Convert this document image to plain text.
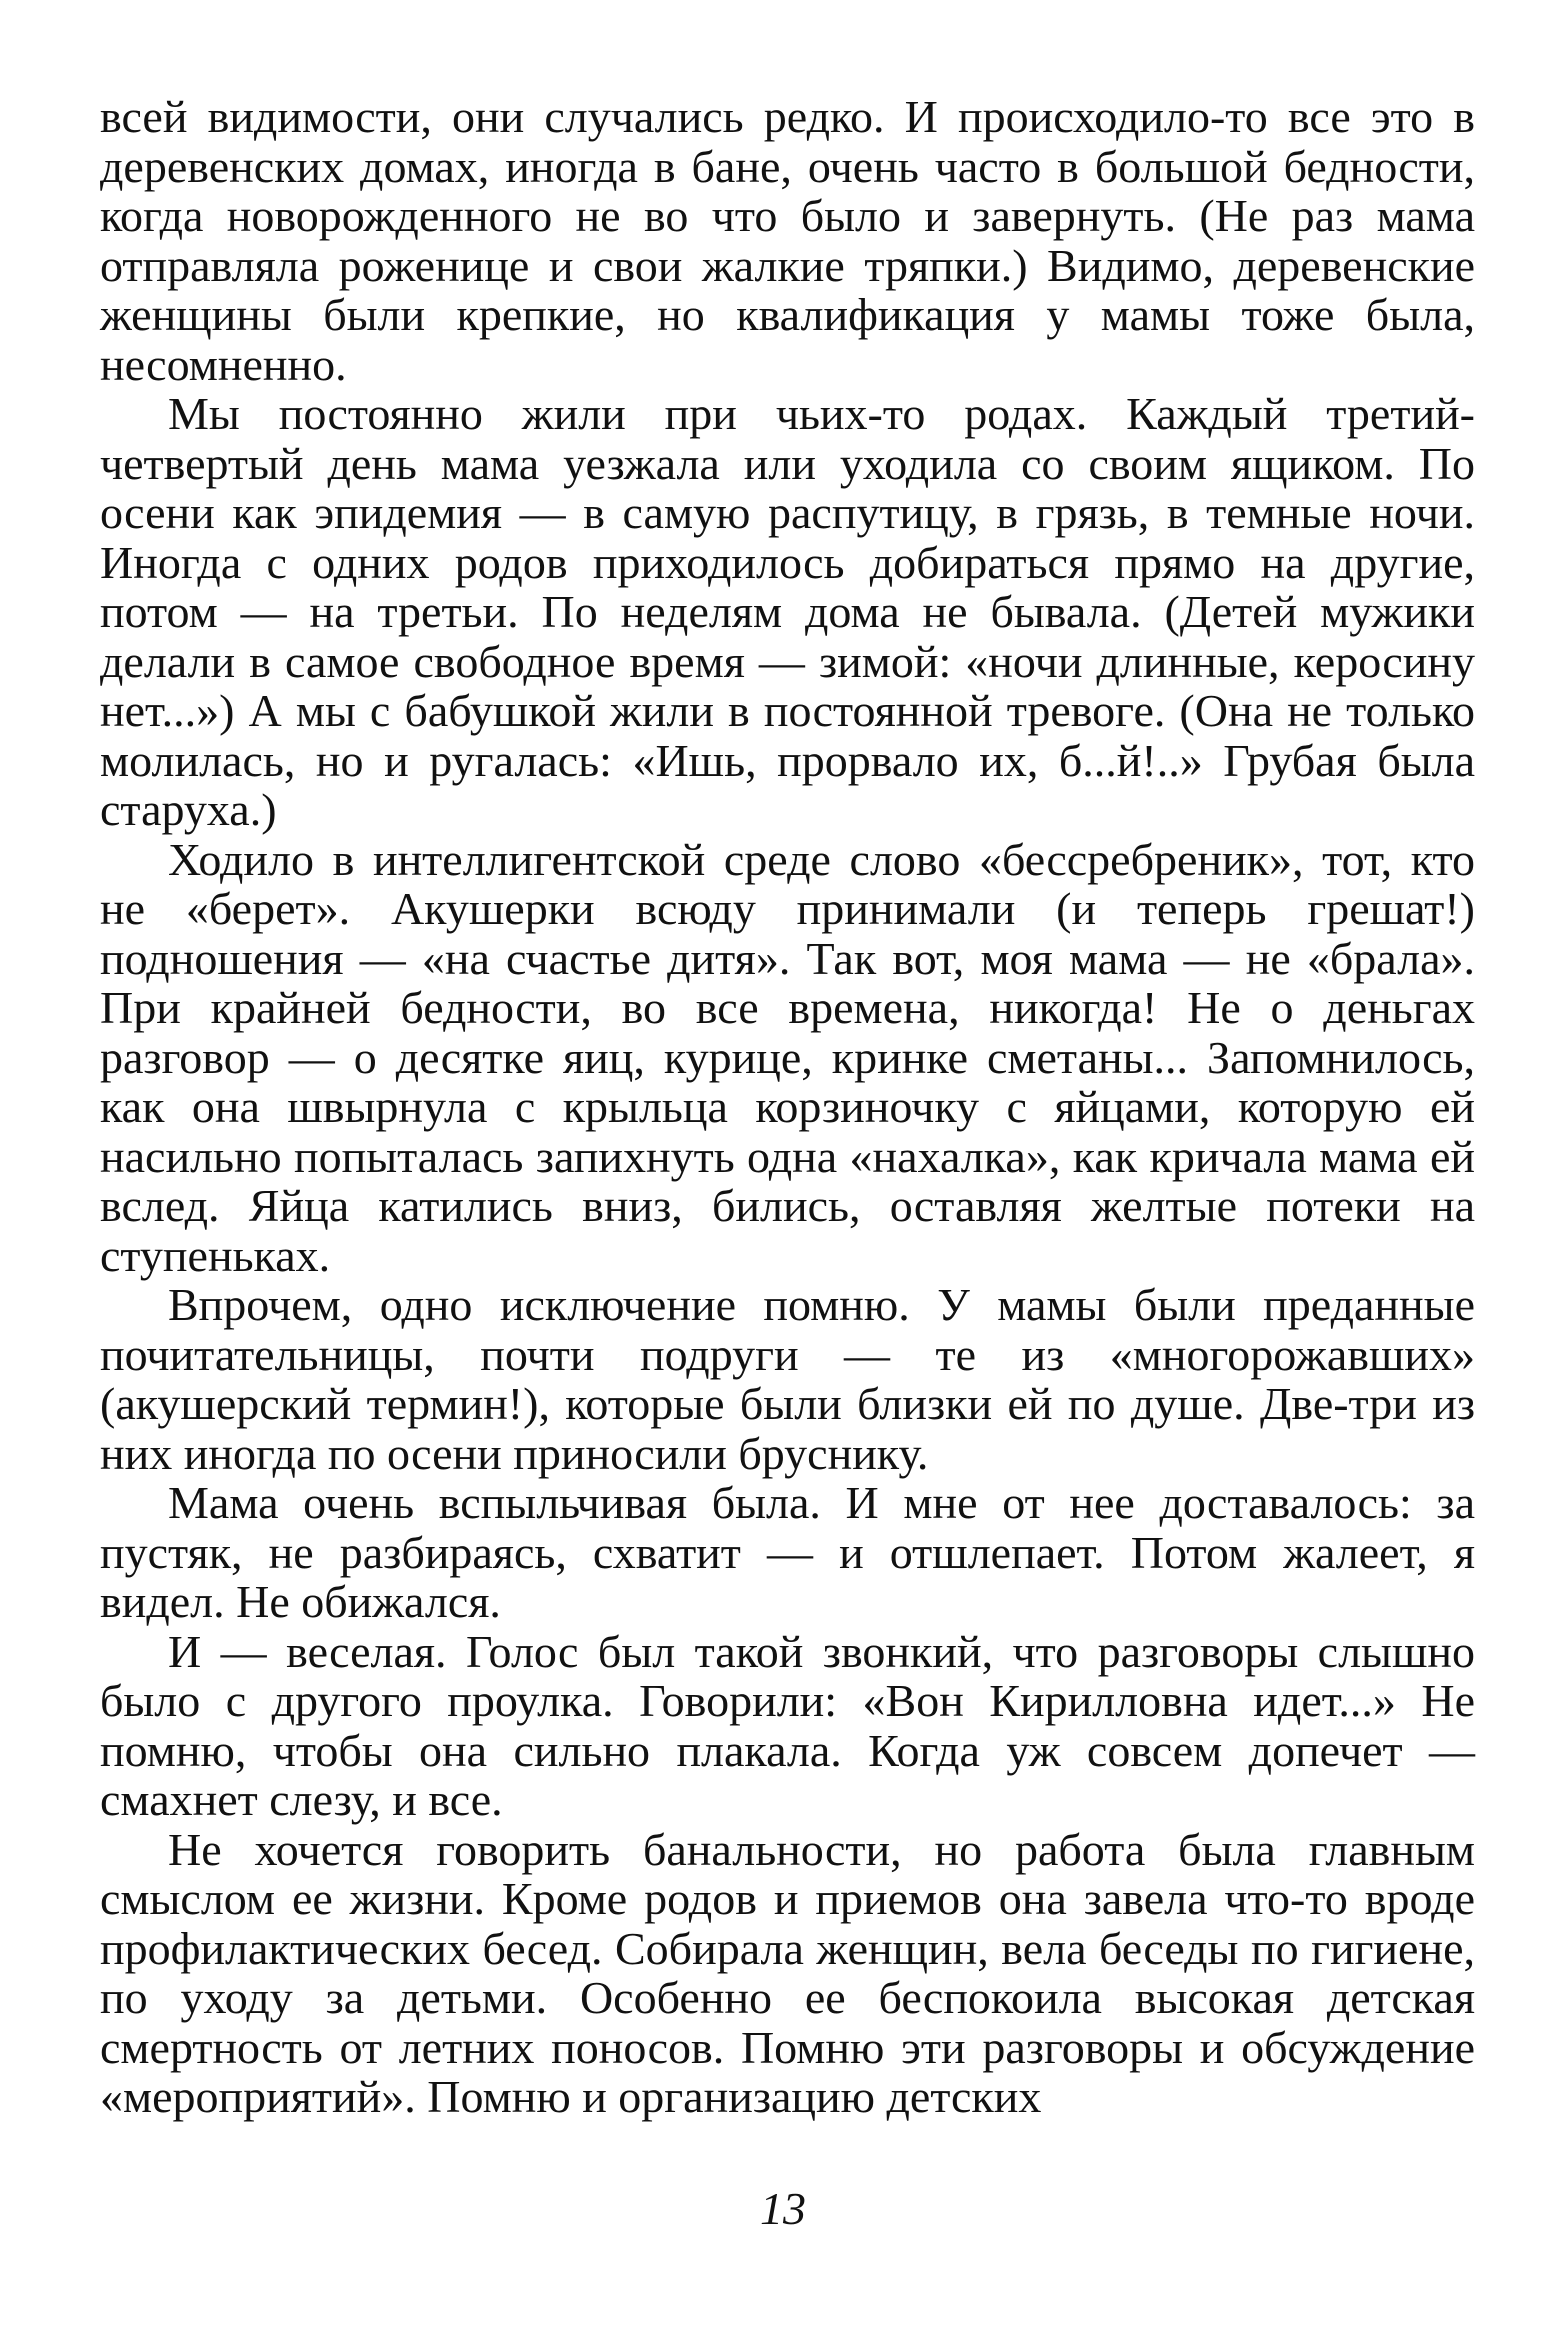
всей видимости, они случались редко. И происходило-то все это в деревенских домах, иногда в бане, очень часто в большой бедности, когда новорожденного не во что было и завернуть. (Не раз мама отправляла роженице и свои жалкие тряпки.) Видимо, деревенские женщины были крепкие, но квалификация у мамы тоже была, несомненно.

Мы постоянно жили при чьих-то родах. Каждый третий-четвертый день мама уезжала или уходила со своим ящиком. По осени как эпидемия — в самую распутицу, в грязь, в темные ночи. Иногда с одних родов приходилось добираться прямо на другие, потом — на третьи. По неделям дома не бывала. (Детей мужики делали в самое свободное время — зимой: «ночи длинные, керосину нет...») А мы с бабушкой жили в постоянной тревоге. (Она не только молилась, но и ругалась: «Ишь, прорвало их, б...й!..» Грубая была старуха.)

Ходило в интеллигентской среде слово «бессребреник», тот, кто не «берет». Акушерки всюду принимали (и теперь грешат!) подношения — «на счастье дитя». Так вот, моя мама — не «брала». При крайней бедности, во все времена, никогда! Не о деньгах разговор — о десятке яиц, курице, кринке сметаны... Запомнилось, как она швырнула с крыльца корзиночку с яйцами, которую ей насильно попыталась запихнуть одна «нахалка», как кричала мама ей вслед. Яйца катились вниз, бились, оставляя желтые потеки на ступеньках.

Впрочем, одно исключение помню. У мамы были преданные почитательницы, почти подруги — те из «многорожавших» (акушерский термин!), которые были близки ей по душе. Две-три из них иногда по осени приносили бруснику.

Мама очень вспыльчивая была. И мне от нее доставалось: за пустяк, не разбираясь, схватит — и отшлепает. Потом жалеет, я видел. Не обижался.

И — веселая. Голос был такой звонкий, что разговоры слышно было с другого проулка. Говорили: «Вон Кирилловна идет...» Не помню, чтобы она сильно плакала. Когда уж совсем допечет — смахнет слезу, и все.

Не хочется говорить банальности, но работа была главным смыслом ее жизни. Кроме родов и приемов она завела что-то вроде профилактических бесед. Собирала женщин, вела беседы по гигиене, по уходу за детьми. Особенно ее беспокоила высокая детская смертность от летних поносов. Помню эти разговоры и обсуждение «мероприятий». Помню и организацию детских

13
